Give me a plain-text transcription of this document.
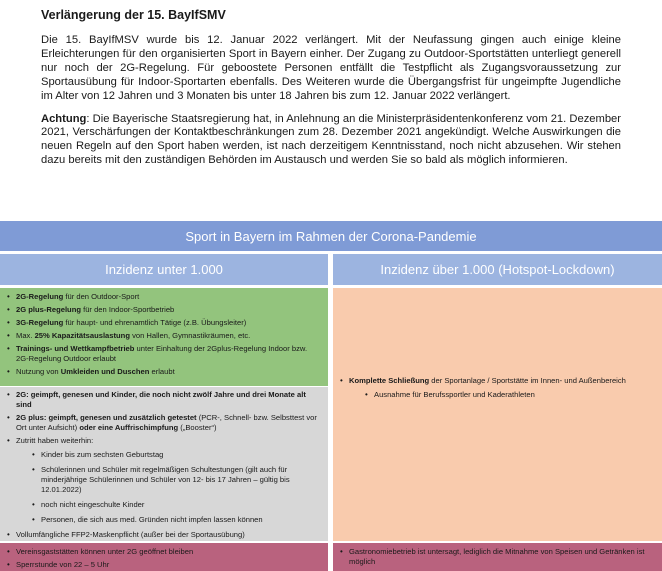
Verlängerung der 15. BayIfSMV

Die 15. BayIfMSV wurde bis 12. Januar 2022 verlängert. Mit der Neufassung gingen auch einige kleine Erleichterungen für den organisierten Sport in Bayern einher. Der Zugang zu Outdoor-Sportstätten unterliegt generell nur noch der 2G-Regelung. Für geboostete Personen entfällt die Testpflicht als Zugangsvoraussetzung zur Sportausübung für Indoor-Sportarten ebenfalls. Des Weiteren wurde die Übergangsfrist für ungeimpfte Jugendliche im Alter von 12 Jahren und 3 Monaten bis unter 18 Jahren bis zum 12. Januar 2022 verlängert.

Achtung: Die Bayerische Staatsregierung hat, in Anlehnung an die Ministerpräsidentenkonferenz vom 21. Dezember 2021, Verschärfungen der Kontaktbeschränkungen zum 28. Dezember 2021 angekündigt. Welche Auswirkungen die neuen Regeln auf den Sport haben werden, ist nach derzeitigem Kenntnisstand, noch nicht abzusehen. Wir stehen dazu bereits mit den zuständigen Behörden im Austausch und werden Sie so bald als möglich informieren.

Sport in Bayern im Rahmen der Corona-Pandemie
Inzidenz unter 1.000	Inzidenz über 1.000 (Hotspot-Lockdown)
• 2G-Regelung für den Outdoor-Sport
• 2G plus-Regelung für den Indoor-Sportbetrieb
• 3G-Regelung für haupt- und ehrenamtlich Tätige (z.B. Übungsleiter)
• Max. 25% Kapazitätsauslastung von Hallen, Gymnastikräumen, etc.
• Trainings- und Wettkampfbetrieb unter Einhaltung der 2Gplus-Regelung Indoor bzw. 2G-Regelung Outdoor erlaubt
• Nutzung von Umkleiden und Duschen erlaubt
• 2G: geimpft, genesen und Kinder, die noch nicht zwölf Jahre und drei Monate alt sind
• 2G plus: geimpft, genesen und zusätzlich getestet (PCR-, Schnell- bzw. Selbsttest vor Ort unter Aufsicht) oder eine Auffrischimpfung („Booster“)
• Zutritt haben weiterhin:
• Kinder bis zum sechsten Geburtstag
• Schülerinnen und Schüler mit regelmäßigen Schultestungen (gilt auch für minderjährige Schülerinnen und Schüler von 12- bis 17 Jahren – gültig bis 12.01.2022)
• noch nicht eingeschulte Kinder
• Personen, die sich aus med. Gründen nicht impfen lassen können
• Vollumfängliche FFP2-Maskenpflicht (außer bei der Sportausübung)
• Komplette Schließung der Sportanlage / Sportstätte im Innen- und Außenbereich
• Ausnahme für Berufssportler und Kaderathleten
• Vereinsgaststätten können unter 2G geöffnet bleiben
• Sperrstunde von 22 – 5 Uhr
• Gastronomiebetrieb ist untersagt, lediglich die Mitnahme von Speisen und Getränken ist möglich
